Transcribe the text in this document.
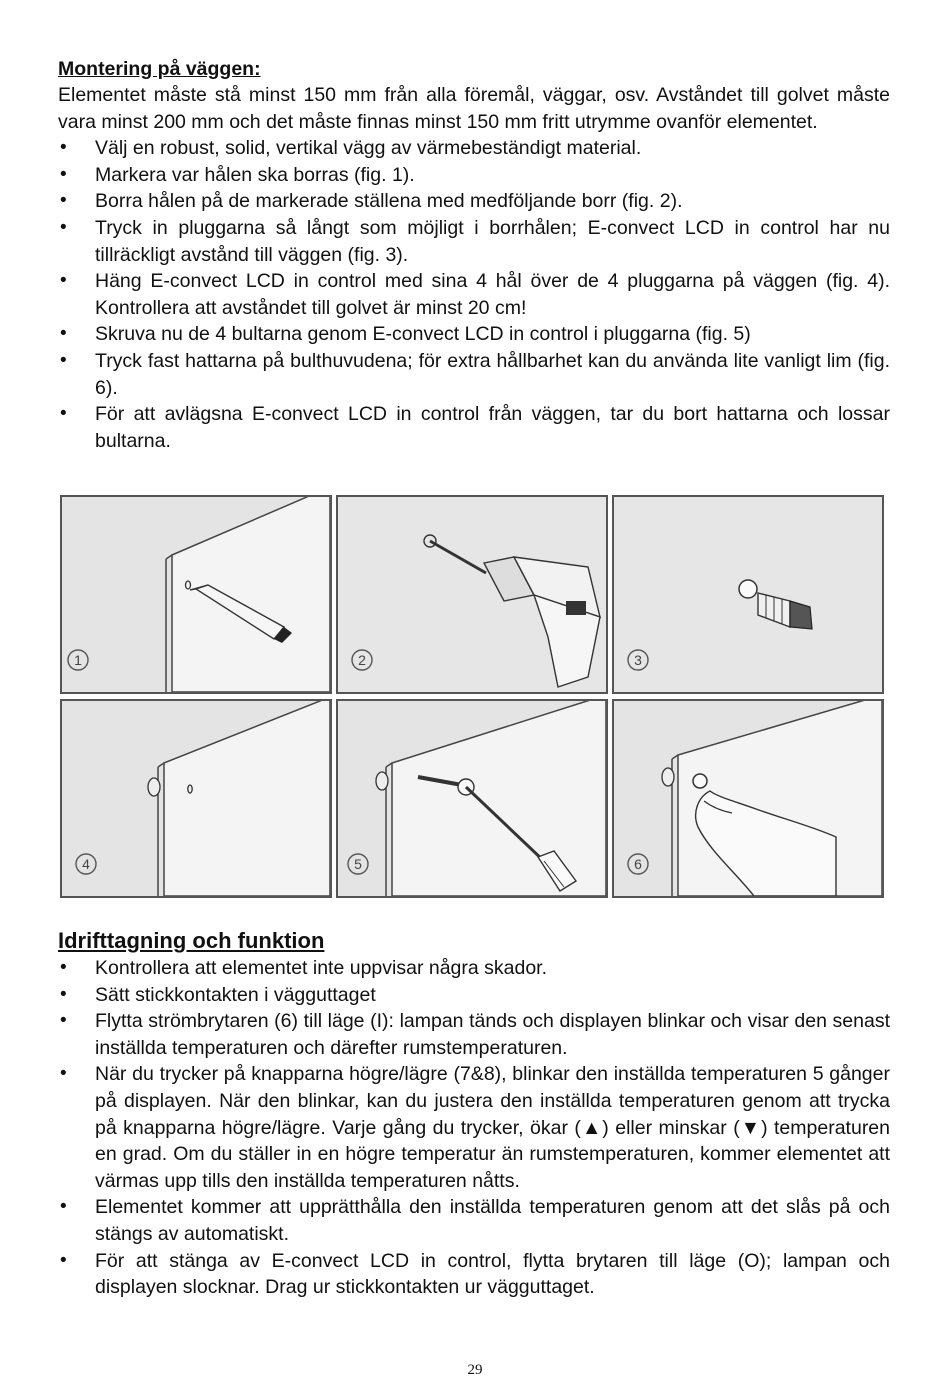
Montering på väggen:

Elementet måste stå minst 150 mm från alla föremål, väggar, osv. Avståndet till golvet måste vara minst 200 mm och det måste finnas minst 150 mm fritt utrymme ovanför elementet.

• Välj en robust, solid, vertikal vägg av värmebeständigt material.
• Markera var hålen ska borras (fig. 1).
• Borra hålen på de markerade ställena med medföljande borr (fig. 2).
• Tryck in pluggarna så långt som möjligt i borrhålen; E-convect LCD in control har nu tillräckligt avstånd till väggen (fig. 3).
• Häng E-convect LCD in control med sina 4 hål över de 4 pluggarna på väggen (fig. 4). Kontrollera att avståndet till golvet är minst 20 cm!
• Skruva nu de 4 bultarna genom E-convect LCD in control i pluggarna (fig. 5)
• Tryck fast hattarna på bulthuvudena; för extra hållbarhet kan du använda lite vanligt lim (fig. 6).
• För att avlägsna E-convect LCD in control från väggen, tar du bort hattarna och lossar bultarna.
1	2	3
4	5	6
Idrifttagning och funktion
• Kontrollera att elementet inte uppvisar några skador.
• Sätt stickkontakten i vägguttaget
• Flytta strömbrytaren (6) till läge (I): lampan tänds och displayen blinkar och visar den senast inställda temperaturen och därefter rumstemperaturen.
• När du trycker på knapparna högre/lägre (7&8), blinkar den inställda temperaturen 5 gånger på displayen. När den blinkar, kan du justera den inställda temperaturen genom att trycka på knapparna högre/lägre. Varje gång du trycker, ökar (▲) eller minskar (▼) temperaturen en grad. Om du ställer in en högre temperatur än rumstemperaturen, kommer elementet att värmas upp tills den inställda temperaturen nåtts.
• Elementet kommer att upprätthålla den inställda temperaturen genom att det slås på och stängs av automatiskt.
• För att stänga av E-convect LCD in control, flytta brytaren till läge (O); lampan och displayen slocknar. Drag ur stickkontakten ur vägguttaget.
29
